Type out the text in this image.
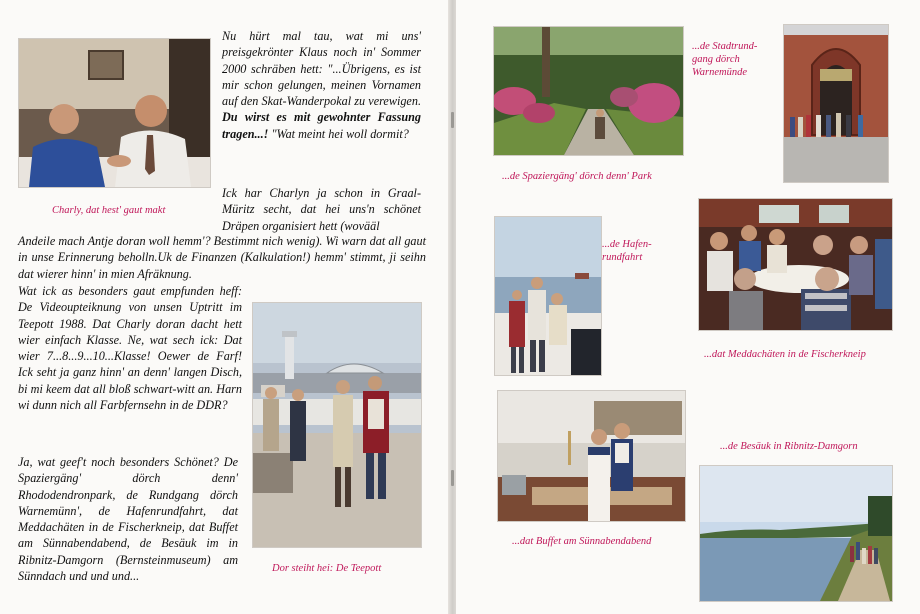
Charly, dat hest' gaut makt
Nu hürt mal tau, wat mi uns' preisgekrönter Klaus noch in' Sommer 2000 schräben hett: "...Übrigens, es ist mir schon gelungen, meinen Vornamen auf den Skat-Wanderpokal zu verewigen. Du wirst es mit gewohnter Fassung tragen...! "Wat meint hei woll dormit?
Ick har Charlyn ja schon in Graal-Müritz secht, dat hei uns'n schönet Dräpen organisiert hett (wovääl
Andeile mach Antje doran woll hemm'? Bestimmt nich wenig). Wi warn dat all gaut in unse Erinnerung beholln.Uk de Finanzen (Kalkulation!) hemm' stimmt, ji seihn dat wierer hinn' in mien Afräknung.
Wat ick as besonders gaut empfunden heff: De Videoupteiknung von unsen Uptritt im Teepott 1988. Dat Charly doran dacht hett wier einfach Klasse. Ne, wat sech ick: Dat wier 7...8...9...10...Klasse! Oewer de Farf! Ick seht ja ganz hinn' an denn' langen Disch, bi mi keem dat all bloß schwart-witt an. Harn wi dunn nich all Farbfernsehn in de DDR?
Ja, wat geef't noch besonders Schönet? De Spaziergäng' dörch denn' Rhododendronpark, de Rundgang dörch Warnemünn', de Hafenrundfahrt, dat Meddachäten in de Fischerkneip, dat Buffet am Sünnabendabend, de Besäuk im in Ribnitz-Damgorn (Bernsteinmuseum) am Sünndach und und und...
Dor steiht hei: De Teepott
...de Stadtrund-gang dörch Warnemünde
...de Spaziergäng' dörch denn' Park
...de Hafen-rundfahrt
...dat Meddachäten in de Fischerkneip
...dat Buffet am Sünnabendabend
...de Besäuk in Ribnitz-Damgorn
